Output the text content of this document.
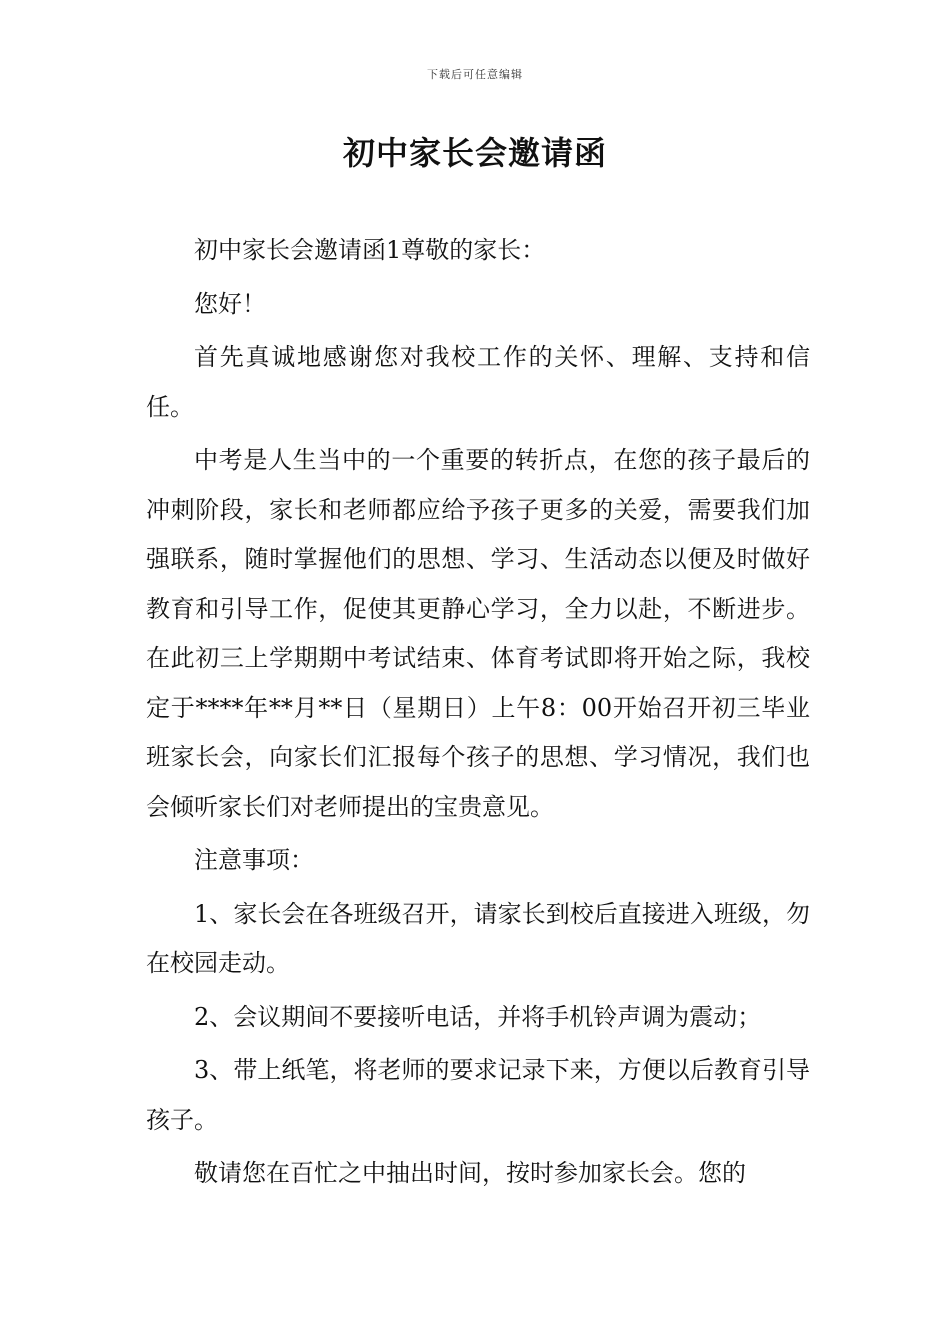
下载后可任意编辑
初中家长会邀请函

初中家长会邀请函1尊敬的家长：

您好！

首先真诚地感谢您对我校工作的关怀、理解、支持和信任。

中考是人生当中的一个重要的转折点，在您的孩子最后的冲刺阶段，家长和老师都应给予孩子更多的关爱，需要我们加强联系，随时掌握他们的思想、学习、生活动态以便及时做好教育和引导工作，促使其更静心学习，全力以赴，不断进步。在此初三上学期期中考试结束、体育考试即将开始之际，我校定于****年**月**日（星期日）上午8：00开始召开初三毕业班家长会，向家长们汇报每个孩子的思想、学习情况，我们也会倾听家长们对老师提出的宝贵意见。

注意事项：

1、家长会在各班级召开，请家长到校后直接进入班级，勿在校园走动。

2、会议期间不要接听电话，并将手机铃声调为震动；

3、带上纸笔，将老师的要求记录下来，方便以后教育引导孩子。

敬请您在百忙之中抽出时间，按时参加家长会。您的
